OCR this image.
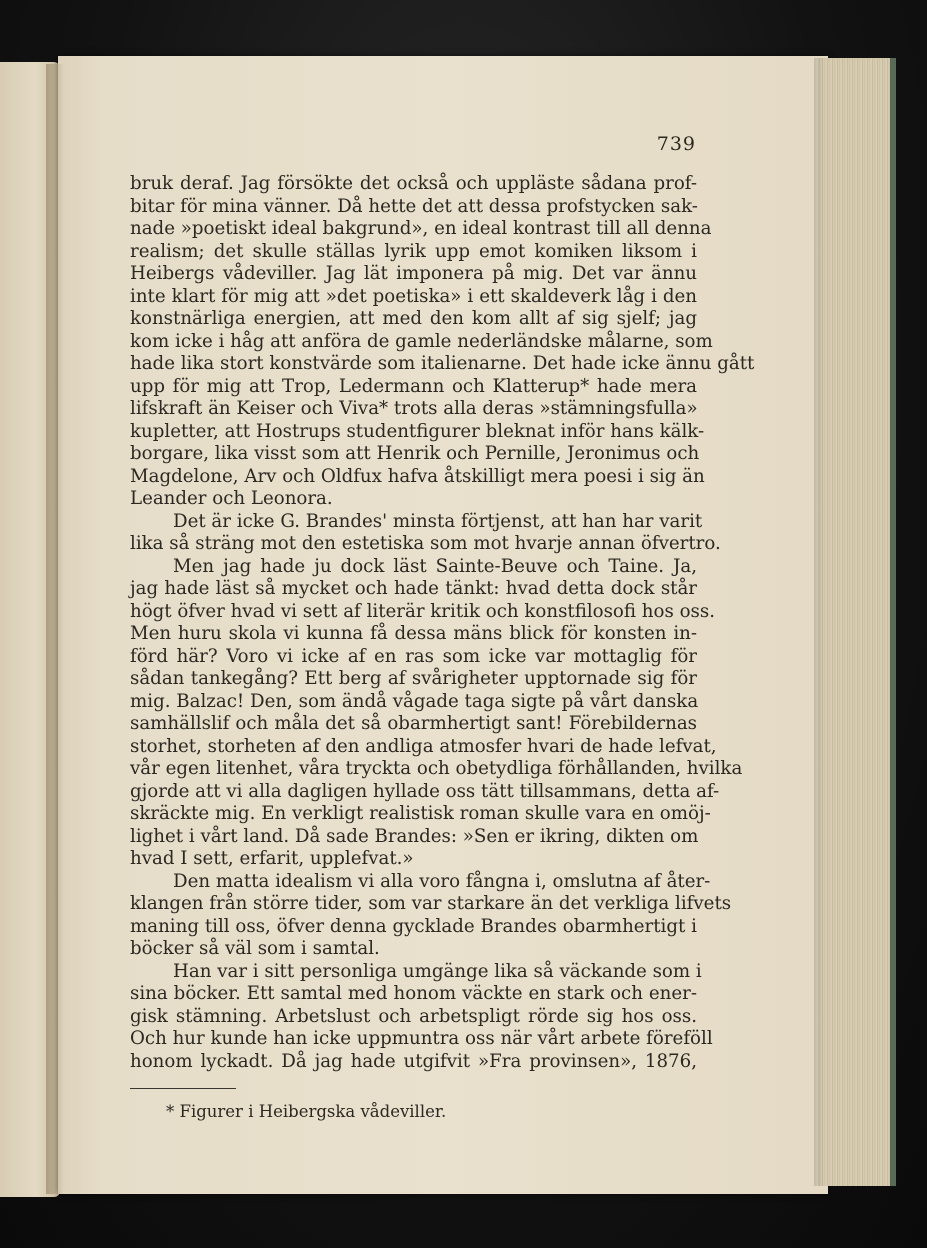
739
bruk deraf. Jag försökte det också och uppläste sådana prof-
bitar för mina vänner. Då hette det att dessa profstycken sak-
nade »poetiskt ideal bakgrund», en ideal kontrast till all denna
realism; det skulle ställas lyrik upp emot komiken liksom i
Heibergs vådeviller. Jag lät imponera på mig. Det var ännu
inte klart för mig att »det poetiska» i ett skaldeverk låg i den
konstnärliga energien, att med den kom allt af sig sjelf; jag
kom icke i håg att anföra de gamle nederländske målarne, som
hade lika stort konstvärde som italienarne. Det hade icke ännu gått
upp för mig att Trop, Ledermann och Klatterup* hade mera
lifskraft än Keiser och Viva* trots alla deras »stämningsfulla»
kupletter, att Hostrups studentfigurer bleknat inför hans kälk-
borgare, lika visst som att Henrik och Pernille, Jeronimus och
Magdelone, Arv och Oldfux hafva åtskilligt mera poesi i sig än
Leander och Leonora.
Det är icke G. Brandes' minsta förtjenst, att han har varit
lika så sträng mot den estetiska som mot hvarje annan öfvertro.
Men jag hade ju dock läst Sainte-Beuve och Taine. Ja,
jag hade läst så mycket och hade tänkt: hvad detta dock står
högt öfver hvad vi sett af literär kritik och konstfilosofi hos oss.
Men huru skola vi kunna få dessa mäns blick för konsten in-
förd här? Voro vi icke af en ras som icke var mottaglig för
sådan tankegång? Ett berg af svårigheter upptornade sig för
mig. Balzac! Den, som ändå vågade taga sigte på vårt danska
samhällslif och måla det så obarmhertigt sant! Förebildernas
storhet, storheten af den andliga atmosfer hvari de hade lefvat,
vår egen litenhet, våra tryckta och obetydliga förhållanden, hvilka
gjorde att vi alla dagligen hyllade oss tätt tillsammans, detta af-
skräckte mig. En verkligt realistisk roman skulle vara en omöj-
lighet i vårt land. Då sade Brandes: »Sen er ikring, dikten om
hvad I sett, erfarit, upplefvat.»
Den matta idealism vi alla voro fångna i, omslutna af åter-
klangen från större tider, som var starkare än det verkliga lifvets
maning till oss, öfver denna gycklade Brandes obarmhertigt i
böcker så väl som i samtal.
Han var i sitt personliga umgänge lika så väckande som i
sina böcker. Ett samtal med honom väckte en stark och ener-
gisk stämning. Arbetslust och arbetspligt rörde sig hos oss.
Och hur kunde han icke uppmuntra oss när vårt arbete föreföll
honom lyckadt. Då jag hade utgifvit »Fra provinsen», 1876,
* Figurer i Heibergska vådeviller.
